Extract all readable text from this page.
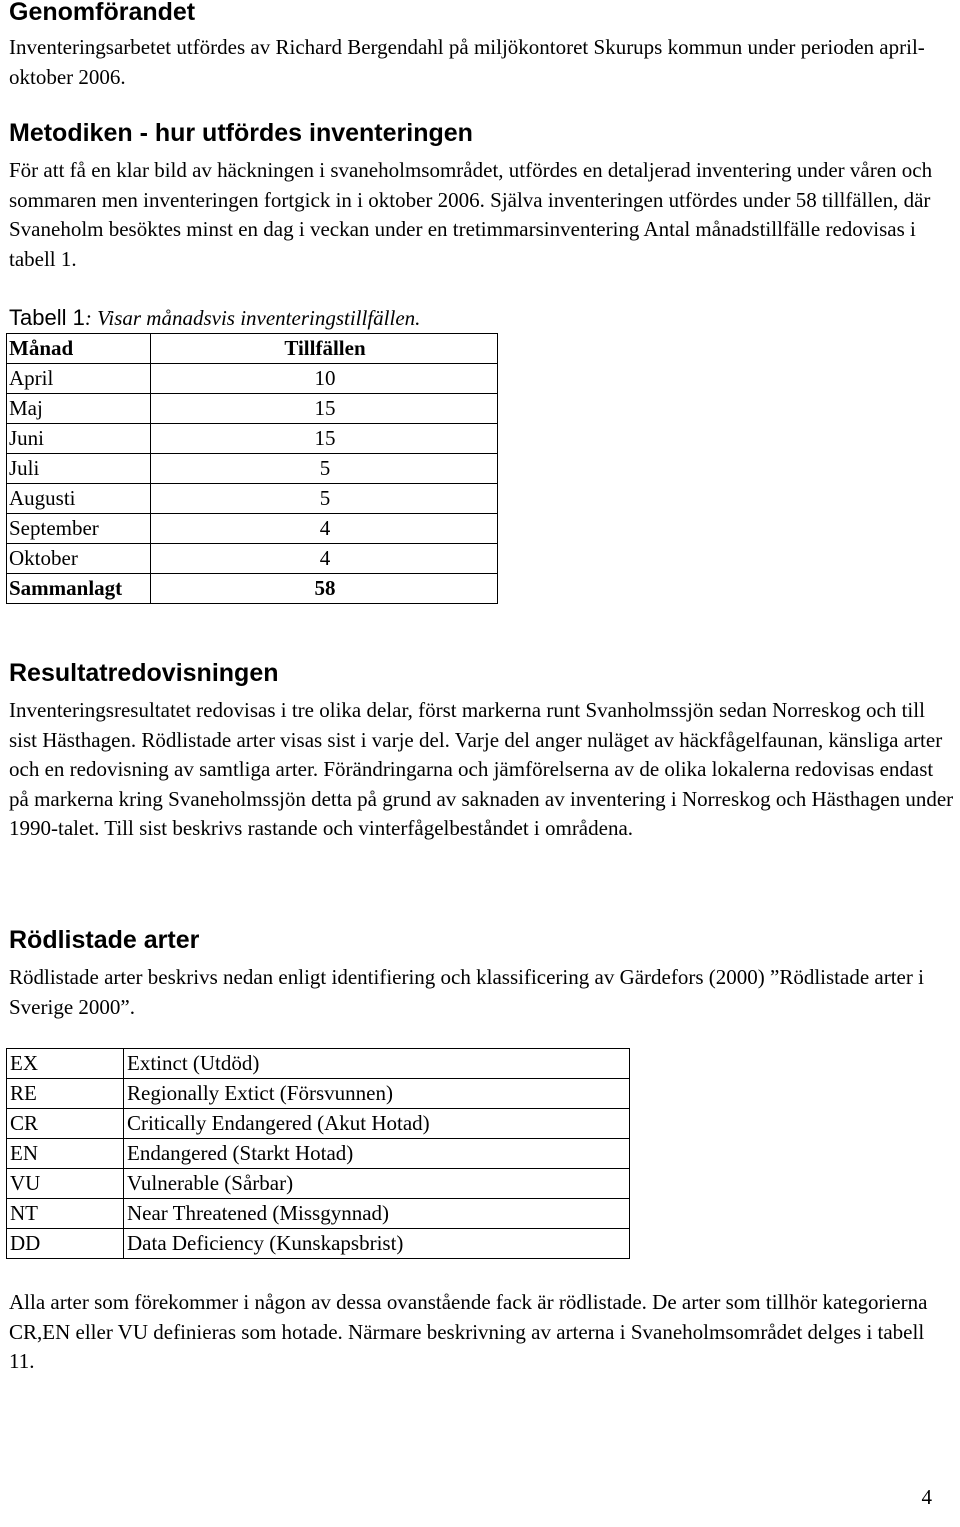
Genomförandet

Inventeringsarbetet utfördes av Richard Bergendahl på miljökontoret Skurups kommun under perioden april-oktober 2006.

Metodiken - hur utfördes inventeringen

För att få en klar bild av häckningen i svaneholmsområdet, utfördes en detaljerad inventering under våren och sommaren men inventeringen fortgick in i oktober 2006. Själva inventeringen utfördes under 58 tillfällen, där Svaneholm besöktes minst en dag i veckan under en tretimmarsinventering Antal månadstillfälle redovisas i tabell 1.

Tabell 1: Visar månadsvis inventeringstillfällen.
Månad	Tillfällen
April	10
Maj	15
Juni	15
Juli	5
Augusti	5
September	4
Oktober	4
Sammanlagt	58
Resultatredovisningen

Inventeringsresultatet redovisas i tre olika delar, först markerna runt Svanholmssjön sedan Norreskog och till sist Hästhagen. Rödlistade arter visas sist i varje del. Varje del anger nuläget av häckfågelfaunan, känsliga arter och en redovisning av samtliga arter. Förändringarna och jämförelserna av de olika lokalerna redovisas endast på markerna kring Svaneholmssjön detta på grund av saknaden av inventering i Norreskog och Hästhagen under 1990-talet. Till sist beskrivs rastande och vinterfågelbeståndet i områdena.

Rödlistade arter

Rödlistade arter beskrivs nedan enligt identifiering och klassificering av Gärdefors (2000) ”Rödlistade arter i Sverige 2000”.

EX	Extinct (Utdöd)
RE	Regionally Extict (Försvunnen)
CR	Critically Endangered (Akut Hotad)
EN	Endangered (Starkt Hotad)
VU	Vulnerable (Sårbar)
NT	Near Threatened (Missgynnad)
DD	Data Deficiency (Kunskapsbrist)

Alla arter som förekommer i någon av dessa ovanstående fack är rödlistade. De arter som tillhör kategorierna CR,EN eller VU definieras som hotade. Närmare beskrivning av arterna i Svaneholmsområdet delges i tabell 11.

4
